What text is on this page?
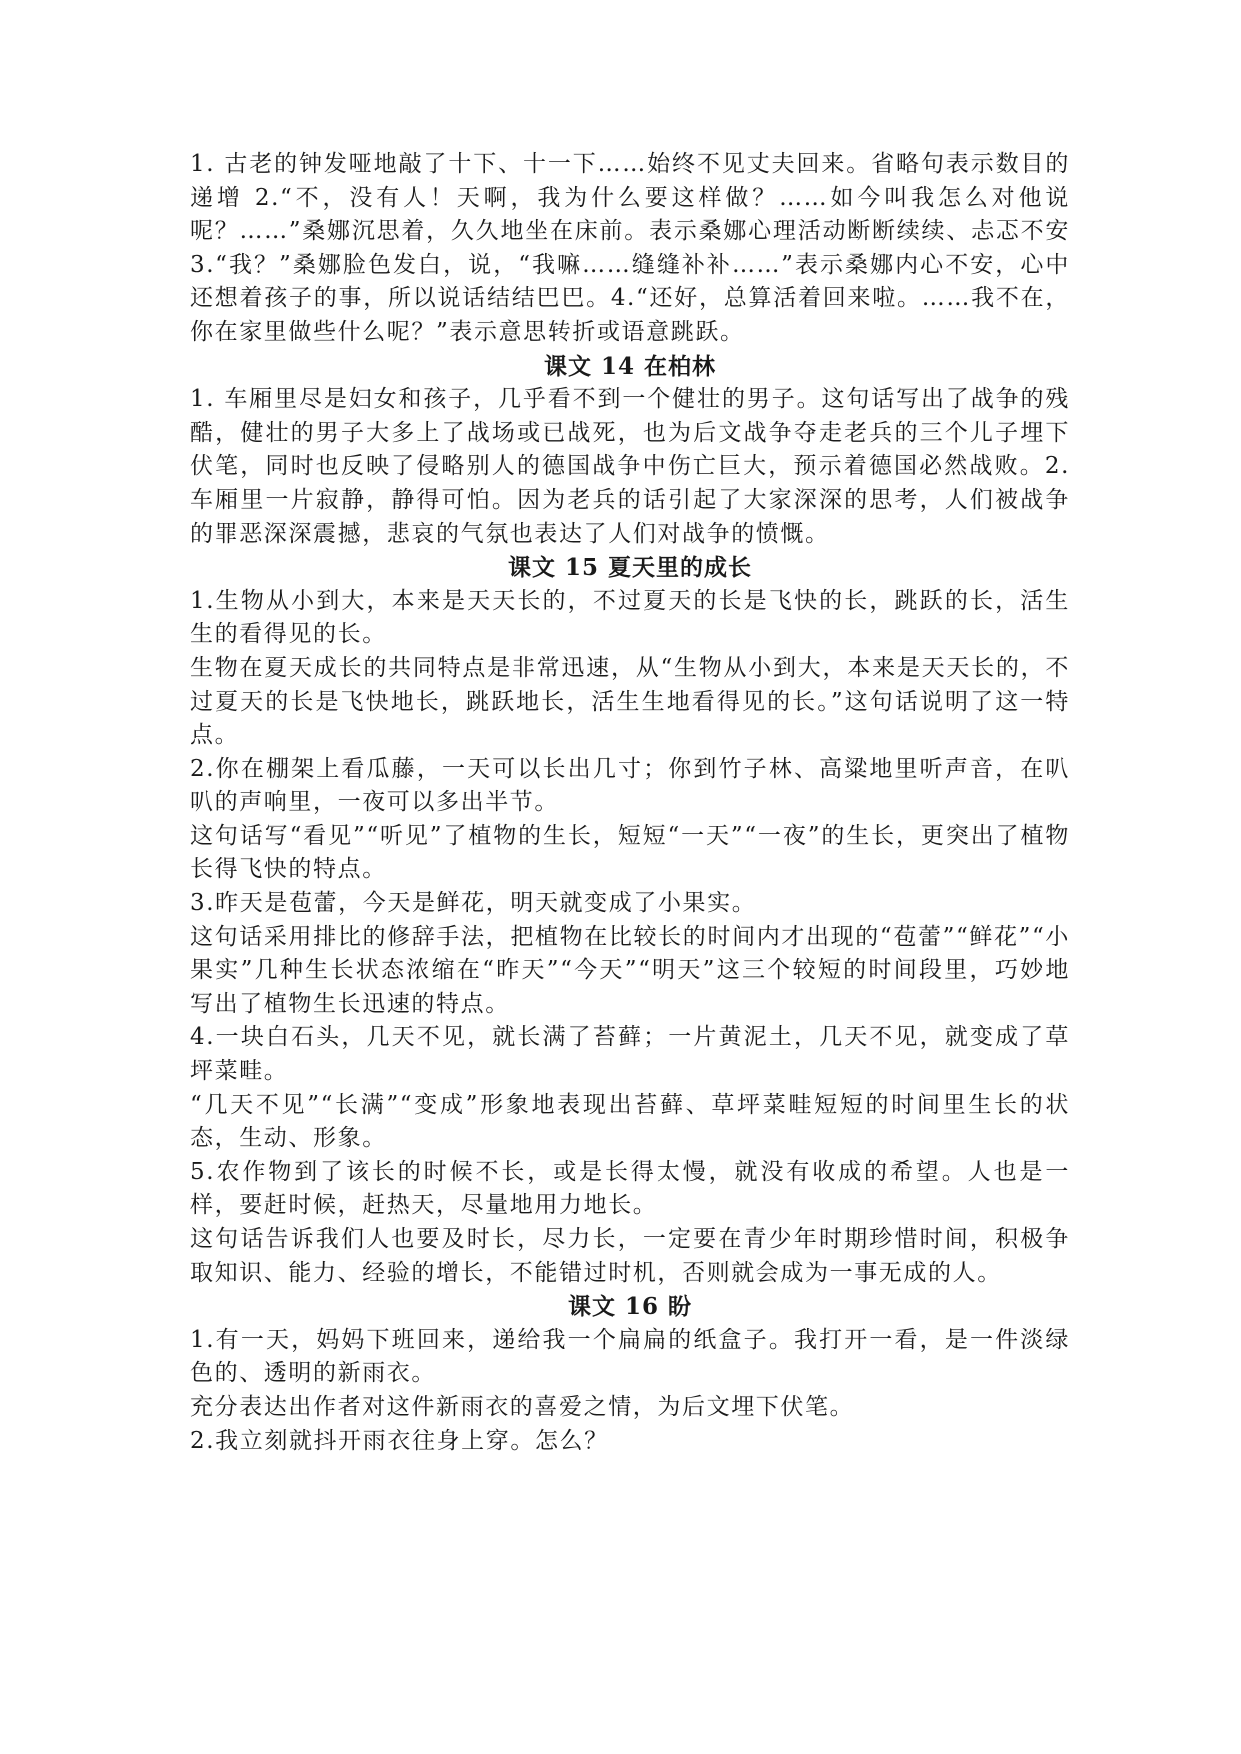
1. 古老的钟发哑地敲了十下、十一下……始终不见丈夫回来。省略句表示数目的递增 2.“不，没有人！天啊，我为什么要这样做？……如今叫我怎么对他说呢？……”桑娜沉思着，久久地坐在床前。表示桑娜心理活动断断续续、忐忑不安 3.“我？”桑娜脸色发白，说，“我嘛……缝缝补补……”表示桑娜内心不安，心中还想着孩子的事，所以说话结结巴巴。4.“还好，总算活着回来啦。……我不在，你在家里做些什么呢？”表示意思转折或语意跳跃。

课文 14 在柏林

1. 车厢里尽是妇女和孩子，几乎看不到一个健壮的男子。这句话写出了战争的残酷，健壮的男子大多上了战场或已战死，也为后文战争夺走老兵的三个儿子埋下伏笔，同时也反映了侵略别人的德国战争中伤亡巨大，预示着德国必然战败。2.车厢里一片寂静，静得可怕。因为老兵的话引起了大家深深的思考，人们被战争的罪恶深深震撼，悲哀的气氛也表达了人们对战争的愤慨。

课文 15 夏天里的成长

1.生物从小到大，本来是天天长的，不过夏天的长是飞快的长，跳跃的长，活生生的看得见的长。

生物在夏天成长的共同特点是非常迅速，从“生物从小到大，本来是天天长的，不过夏天的长是飞快地长，跳跃地长，活生生地看得见的长。”这句话说明了这一特点。

2.你在棚架上看瓜藤，一天可以长出几寸；你到竹子林、高粱地里听声音，在叭叭的声响里，一夜可以多出半节。

这句话写“看见”“听见”了植物的生长，短短“一天”“一夜”的生长，更突出了植物长得飞快的特点。

3.昨天是苞蕾，今天是鲜花，明天就变成了小果实。

这句话采用排比的修辞手法，把植物在比较长的时间内才出现的“苞蕾”“鲜花”“小果实”几种生长状态浓缩在“昨天”“今天”“明天”这三个较短的时间段里，巧妙地写出了植物生长迅速的特点。

4.一块白石头，几天不见，就长满了苔藓；一片黄泥土，几天不见，就变成了草坪菜畦。

“几天不见”“长满”“变成”形象地表现出苔藓、草坪菜畦短短的时间里生长的状态，生动、形象。

5.农作物到了该长的时候不长，或是长得太慢，就没有收成的希望。人也是一样，要赶时候，赶热天，尽量地用力地长。

这句话告诉我们人也要及时长，尽力长，一定要在青少年时期珍惜时间，积极争取知识、能力、经验的增长，不能错过时机，否则就会成为一事无成的人。

课文 16 盼

1.有一天，妈妈下班回来，递给我一个扁扁的纸盒子。我打开一看，是一件淡绿色的、透明的新雨衣。

充分表达出作者对这件新雨衣的喜爱之情，为后文埋下伏笔。

2.我立刻就抖开雨衣往身上穿。怎么？
